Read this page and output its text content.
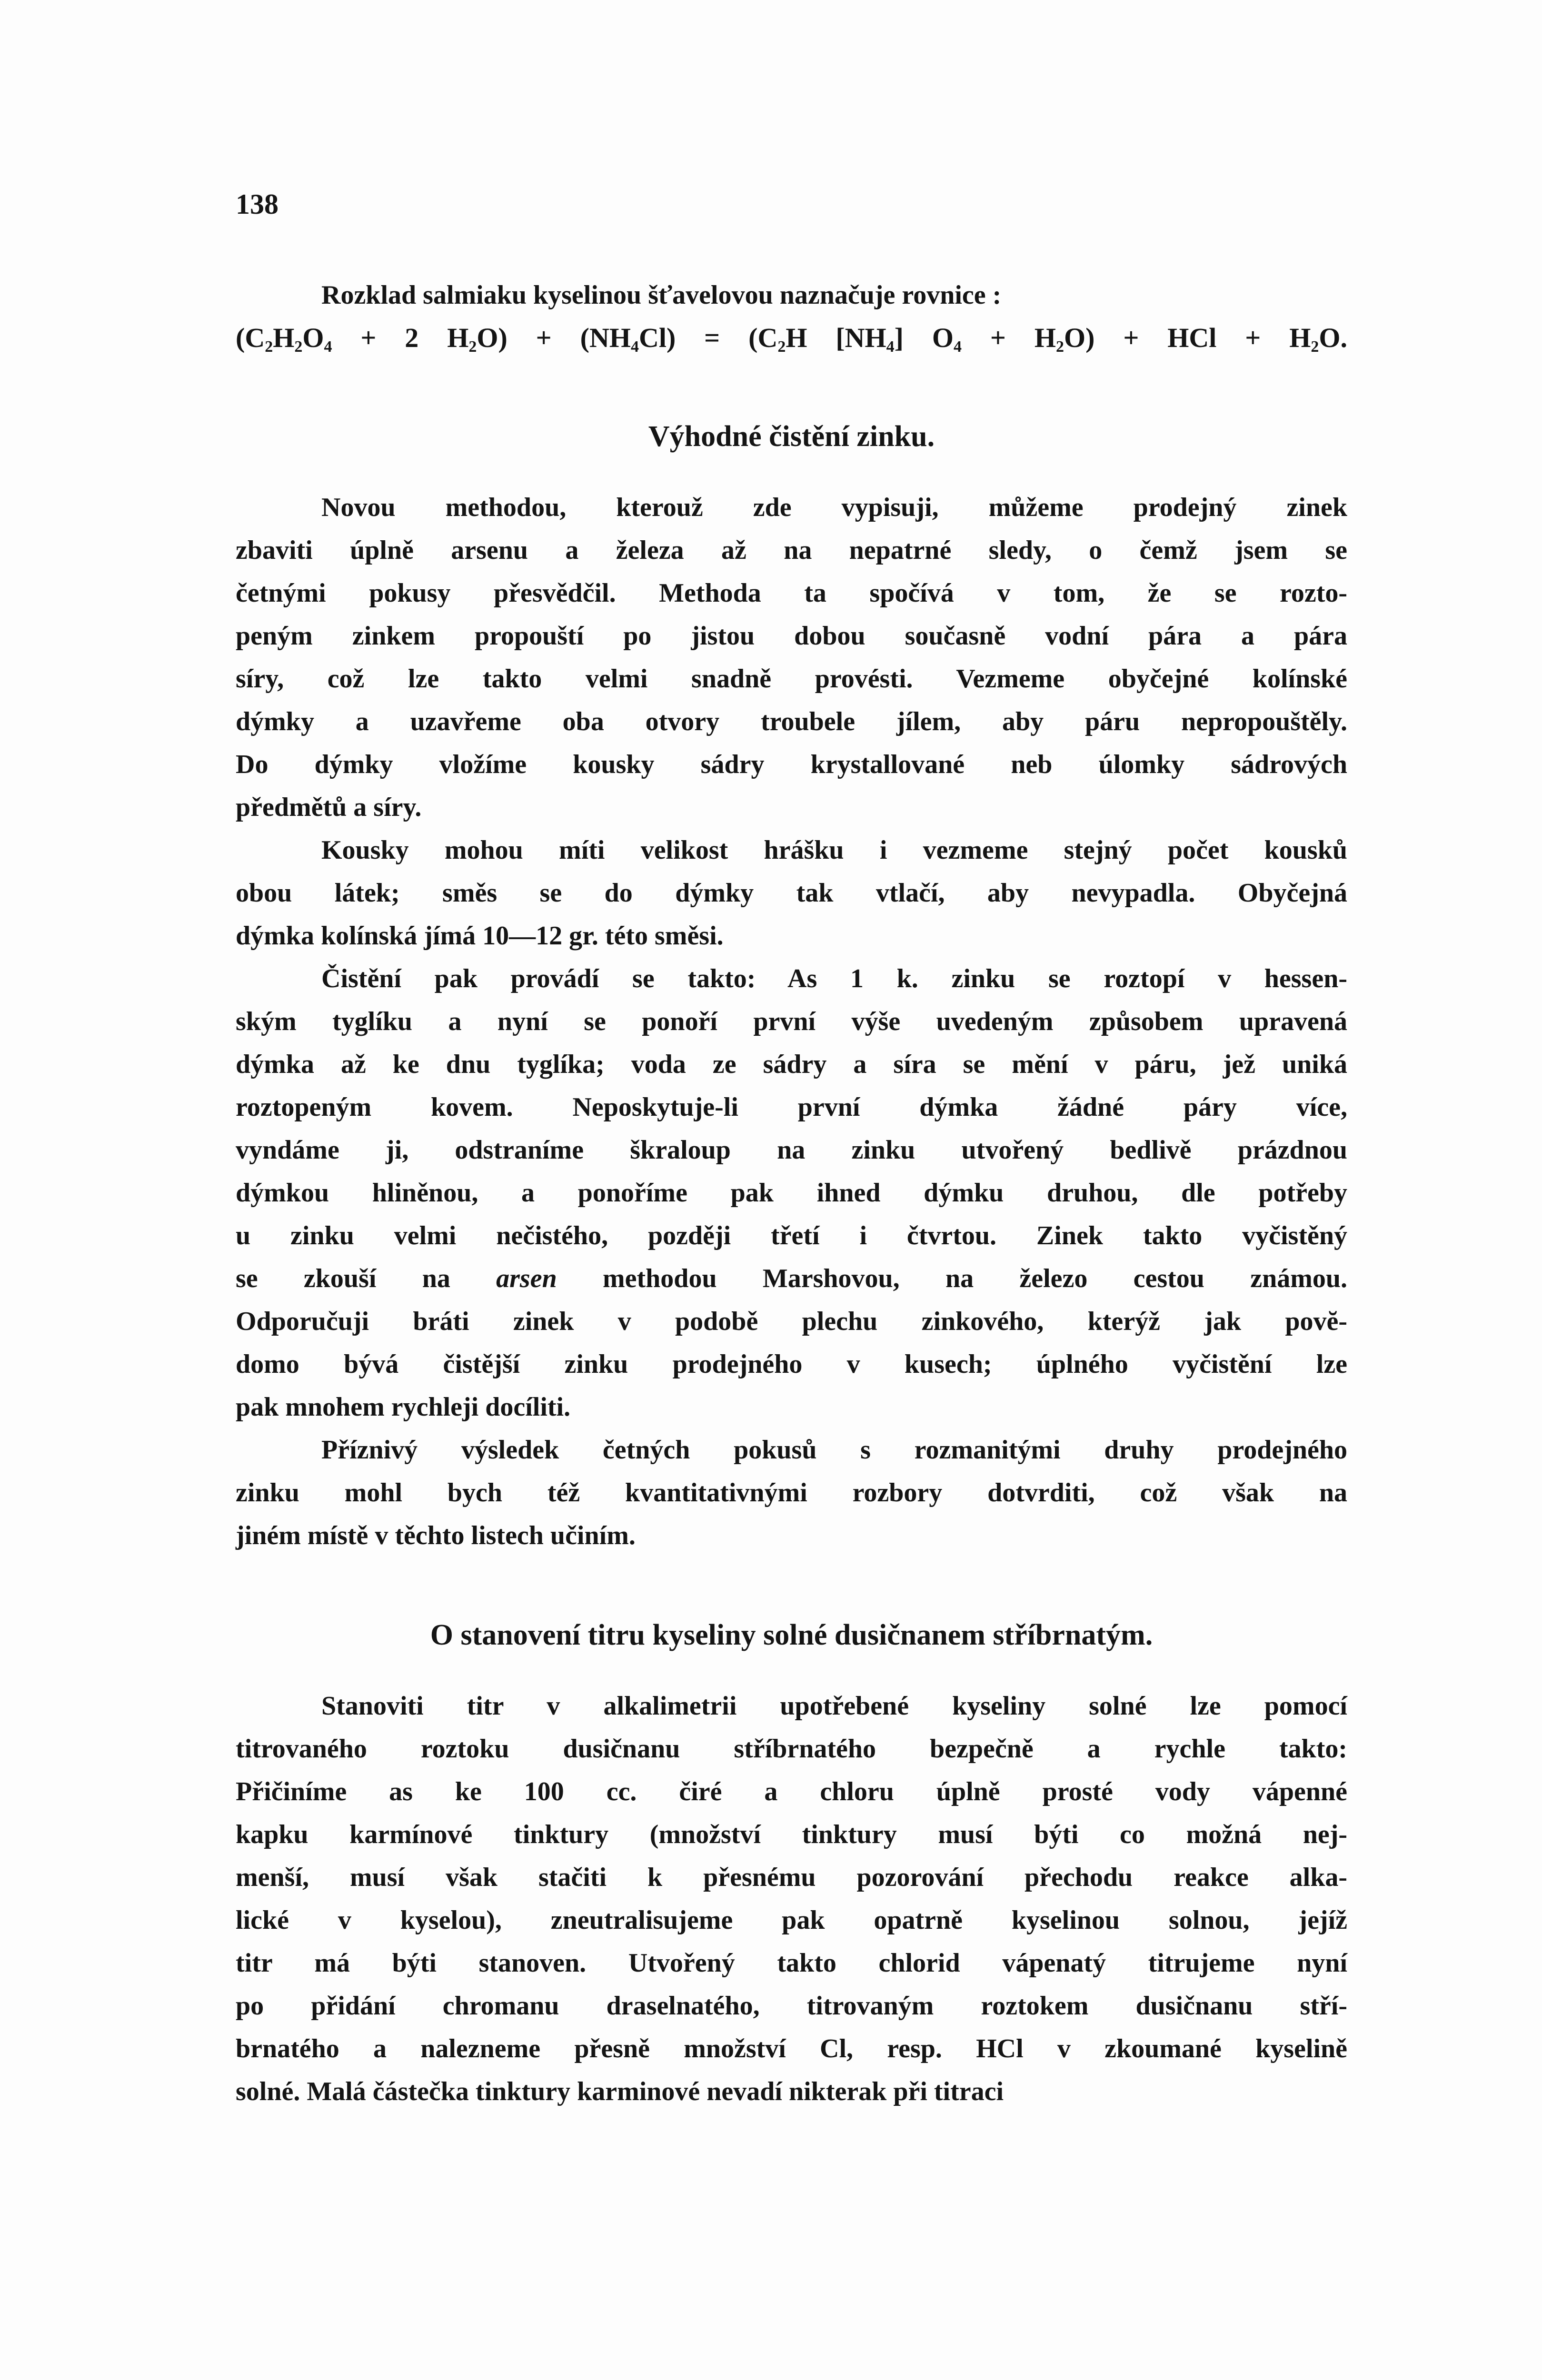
138
Rozklad salmiaku kyselinou šťavelovou naznačuje rovnice :
($C_2H_2O_4 + 2$ $H_2O) + (NH_4Cl) = (C_2H$ $[NH_4] O_4 + H_2O$) + HCl + $H_2O$.
Výhodné čistění zinku.
Novou methodou, kterouž zde vypisuji, můžeme prodejný zinek
zbaviti úplně arsenu a železa až na nepatrné sledy, o čemž jsem se
četnými pokusy přesvědčil. Methoda ta spočívá v tom, že se rozto-
peným zinkem propouští po jistou dobou současně vodní pára a pára
síry, což lze takto velmi snadně provésti. Vezmeme obyčejné kolínské
dýmky a uzavřeme oba otvory troubele jílem, aby páru nepropouštěly.
Do dýmky vložíme kousky sádry krystallované neb úlomky sádrových
předmětů a síry.
Kousky mohou míti velikost hrášku i vezmeme stejný počet kousků
obou látek; směs se do dýmky tak vtlačí, aby nevypadla. Obyčejná
dýmka kolínská jímá 10—12 gr. této směsi.
Čistění pak provádí se takto: As 1 k. zinku se roztopí v hessen-
ským tyglíku a nyní se ponoří první výše uvedeným způsobem upravená
dýmka až ke dnu tyglíka; voda ze sádry a síra se mění v páru, jež uniká
roztopeným kovem. Neposkytuje-li první dýmka žádné páry více,
vyndáme ji, odstraníme škraloup na zinku utvořený bedlivě prázdnou
dýmkou hliněnou, a ponoříme pak ihned dýmku druhou, dle potřeby
u zinku velmi nečistého, později třetí i čtvrtou. Zinek takto vyčistěný
se zkouší na arsen methodou Marshovou, na železo cestou známou.
Odporučuji bráti zinek v podobě plechu zinkového, kterýž jak povĕ-
domo bývá čistější zinku prodejného v kusech; úplného vyčistění lze
pak mnohem rychleji docíliti.
Příznivý výsledek četných pokusů s rozmanitými druhy prodejného
zinku mohl bych též kvantitativnými rozbory dotvrditi, což však na
jiném místě v těchto listech učiním.
O stanovení titru kyseliny solné dusičnanem stříbrnatým.
Stanoviti titr v alkalimetrii upotřebené kyseliny solné lze pomocí
titrovaného roztoku dusičnanu stříbrnatého bezpečně a rychle takto:
Přičiníme as ke 100 cc. čiré a chloru úplně prosté vody vápenné
kapku karmínové tinktury (množství tinktury musí býti co možná nej-
menší, musí však stačiti k přesnému pozorování přechodu reakce alka-
lické v kyselou), zneutralisujeme pak opatrně kyselinou solnou, jejíž
titr má býti stanoven. Utvořený takto chlorid vápenatý titrujeme nyní
po přidání chromanu draselnatého, titrovaným roztokem dusičnanu stří-
brnatého a nalezneme přesně množství Cl, resp. HCl v zkoumané kyselině
solné. Malá částečka tinktury karminové nevadí nikterak při titraci
